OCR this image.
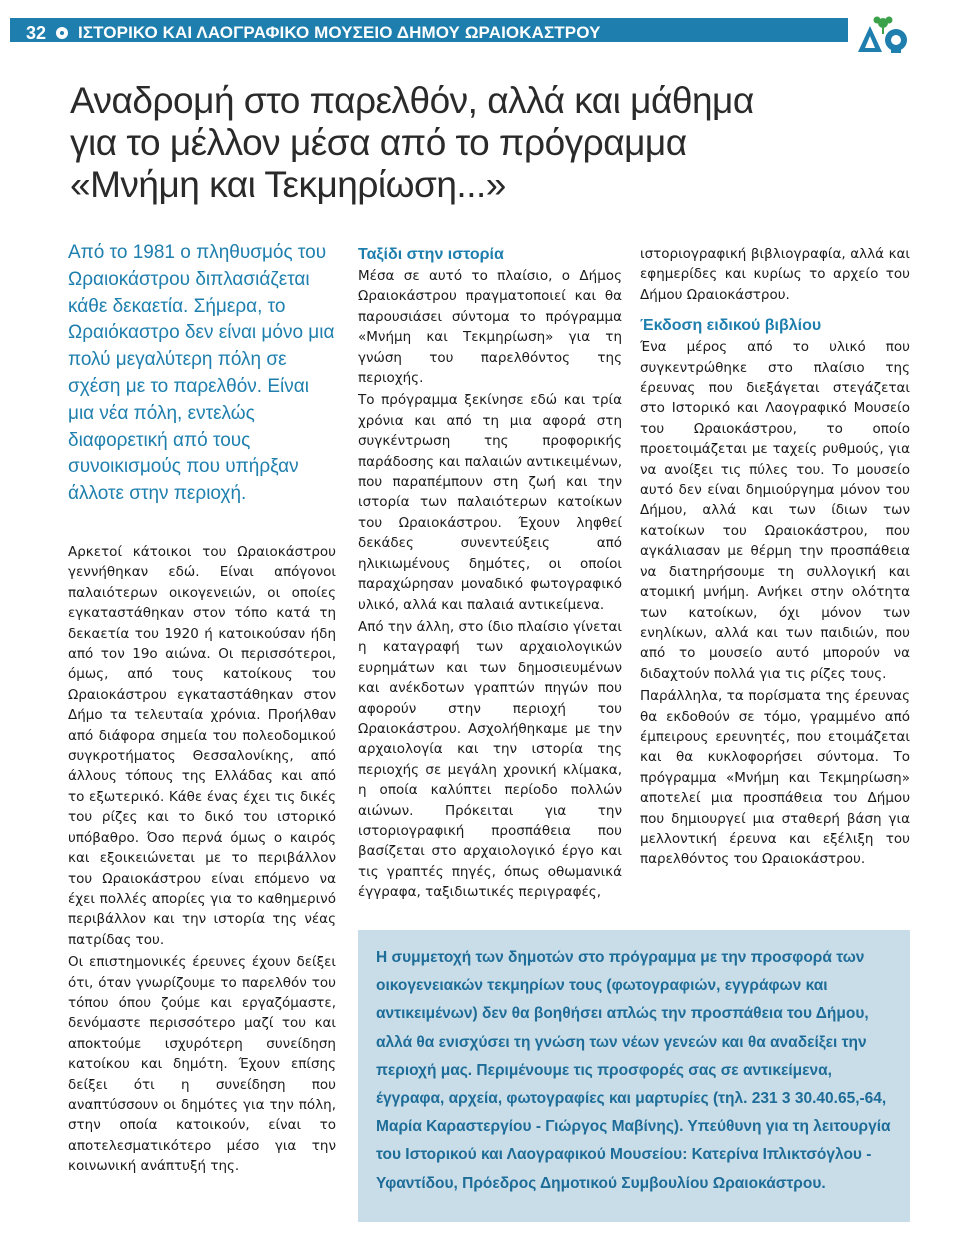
32 ΙΣΤΟΡΙΚΟ ΚΑΙ ΛΑΟΓΡΑΦΙΚΟ ΜΟΥΣΕΙΟ ΔΗΜΟΥ ΩΡΑΙΟΚΑΣΤΡΟΥ
Αναδρομή στο παρελθόν, αλλά και μάθημα
για το μέλλον μέσα από το πρόγραμμα
«Μνήμη και Τεκμηρίωση...»
Από το 1981 ο πληθυσμός του Ωραιοκάστρου διπλασιάζεται κάθε δεκαετία. Σήμερα, το Ωραιόκαστρο δεν είναι μόνο μια πολύ μεγαλύτερη πόλη σε σχέση με το παρελθόν. Είναι μια νέα πόλη, εντελώς διαφορετική από τους συνοικισμούς που υπήρξαν άλλοτε στην περιοχή.

Αρκετοί κάτοικοι του Ωραιοκάστρου γεννήθηκαν εδώ. Είναι απόγονοι παλαιότερων οικογενειών, οι οποίες εγκαταστάθηκαν στον τόπο κατά τη δεκαετία του 1920 ή κατοικούσαν ήδη από τον 19ο αιώνα. Οι περισσότεροι, όμως, από τους κατοίκους του Ωραιοκάστρου εγκαταστάθηκαν στον Δήμο τα τελευταία χρόνια. Προήλθαν από διάφορα σημεία του πολεοδομικού συγκροτήματος Θεσσαλονίκης, από άλλους τόπους της Ελλάδας και από το εξωτερικό. Κάθε ένας έχει τις δικές του ρίζες και το δικό του ιστορικό υπόβαθρο. Όσο περνά όμως ο καιρός και εξοικειώνεται με το περιβάλλον του Ωραιοκάστρου είναι επόμενο να έχει πολλές απορίες για το καθημερινό περιβάλλον και την ιστορία της νέας πατρίδας του.

Οι επιστημονικές έρευνες έχουν δείξει ότι, όταν γνωρίζουμε το παρελθόν του τόπου όπου ζούμε και εργαζόμαστε, δενόμαστε περισσότερο μαζί του και αποκτούμε ισχυρότερη συνείδηση κατοίκου και δημότη. Έχουν επίσης δείξει ότι η συνείδηση που αναπτύσσουν οι δημότες για την πόλη, στην οποία κατοικούν, είναι το αποτελεσματικότερο μέσο για την κοινωνική ανάπτυξή της.

Ταξίδι στην ιστορία

Μέσα σε αυτό το πλαίσιο, ο Δήμος Ωραιοκάστρου πραγματοποιεί και θα παρουσιάσει σύντομα το πρόγραμμα «Μνήμη και Τεκμηρίωση» για τη γνώση του παρελθόντος της περιοχής.

Το πρόγραμμα ξεκίνησε εδώ και τρία χρόνια και από τη μια αφορά στη συγκέντρωση της προφορικής παράδοσης και παλαιών αντικειμένων, που παραπέμπουν στη ζωή και την ιστορία των παλαιότερων κατοίκων του Ωραιοκάστρου. Έχουν ληφθεί δεκάδες συνεντεύξεις από ηλικιωμένους δημότες, οι οποίοι παραχώρησαν μοναδικό φωτογραφικό υλικό, αλλά και παλαιά αντικείμενα.

Από την άλλη, στο ίδιο πλαίσιο γίνεται η καταγραφή των αρχαιολογικών ευρημάτων και των δημοσιευμένων και ανέκδοτων γραπτών πηγών που αφορούν στην περιοχή του Ωραιοκάστρου. Ασχολήθηκαμε με την αρχαιολογία και την ιστορία της περιοχής σε μεγάλη χρονική κλίμακα, η οποία καλύπτει περίοδο πολλών αιώνων. Πρόκειται για την ιστοριογραφική προσπάθεια που βασίζεται στο αρχαιολογικό έργο και τις γραπτές πηγές, όπως οθωμανικά έγγραφα, ταξιδιωτικές περιγραφές,

ιστοριογραφική βιβλιογραφία, αλλά και εφημερίδες και κυρίως το αρχείο του Δήμου Ωραιοκάστρου.

Έκδοση ειδικού βιβλίου

Ένα μέρος από το υλικό που συγκεντρώθηκε στο πλαίσιο της έρευνας που διεξάγεται στεγάζεται στο Ιστορικό και Λαογραφικό Μουσείο του Ωραιοκάστρου, το οποίο προετοιμάζεται με ταχείς ρυθμούς, για να ανοίξει τις πύλες του. Το μουσείο αυτό δεν είναι δημιούργημα μόνον του Δήμου, αλλά και των ίδιων των κατοίκων του Ωραιοκάστρου, που αγκάλιασαν με θέρμη την προσπάθεια να διατηρήσουμε τη συλλογική και ατομική μνήμη. Ανήκει στην ολότητα των κατοίκων, όχι μόνον των ενηλίκων, αλλά και των παιδιών, που από το μουσείο αυτό μπορούν να διδαχτούν πολλά για τις ρίζες τους.

Παράλληλα, τα πορίσματα της έρευνας θα εκδοθούν σε τόμο, γραμμένο από έμπειρους ερευνητές, που ετοιμάζεται και θα κυκλοφορήσει σύντομα. Το πρόγραμμα «Μνήμη και Τεκμηρίωση» αποτελεί μια προσπάθεια του Δήμου που δημιουργεί μια σταθερή βάση για μελλοντική έρευνα και εξέλιξη του παρελθόντος του Ωραιοκάστρου.

Η συμμετοχή των δημοτών στο πρόγραμμα με την προσφορά των οικογενειακών τεκμηρίων τους (φωτογραφιών, εγγράφων και αντικειμένων) δεν θα βοηθήσει απλώς την προσπάθεια του Δήμου, αλλά θα ενισχύσει τη γνώση των νέων γενεών και θα αναδείξει την περιοχή μας. Περιμένουμε τις προσφορές σας σε αντικείμενα, έγγραφα, αρχεία, φωτογραφίες και μαρτυρίες (τηλ. 231 3 30.40.65,-64, Μαρία Καραστεργίου - Γιώργος Μαβίνης). Υπεύθυνη για τη λειτουργία του Ιστορικού και Λαογραφικού Μουσείου: Κατερίνα Ιπλικτσόγλου - Υφαντίδου, Πρόεδρος Δημοτικού Συμβουλίου Ωραιοκάστρου.
